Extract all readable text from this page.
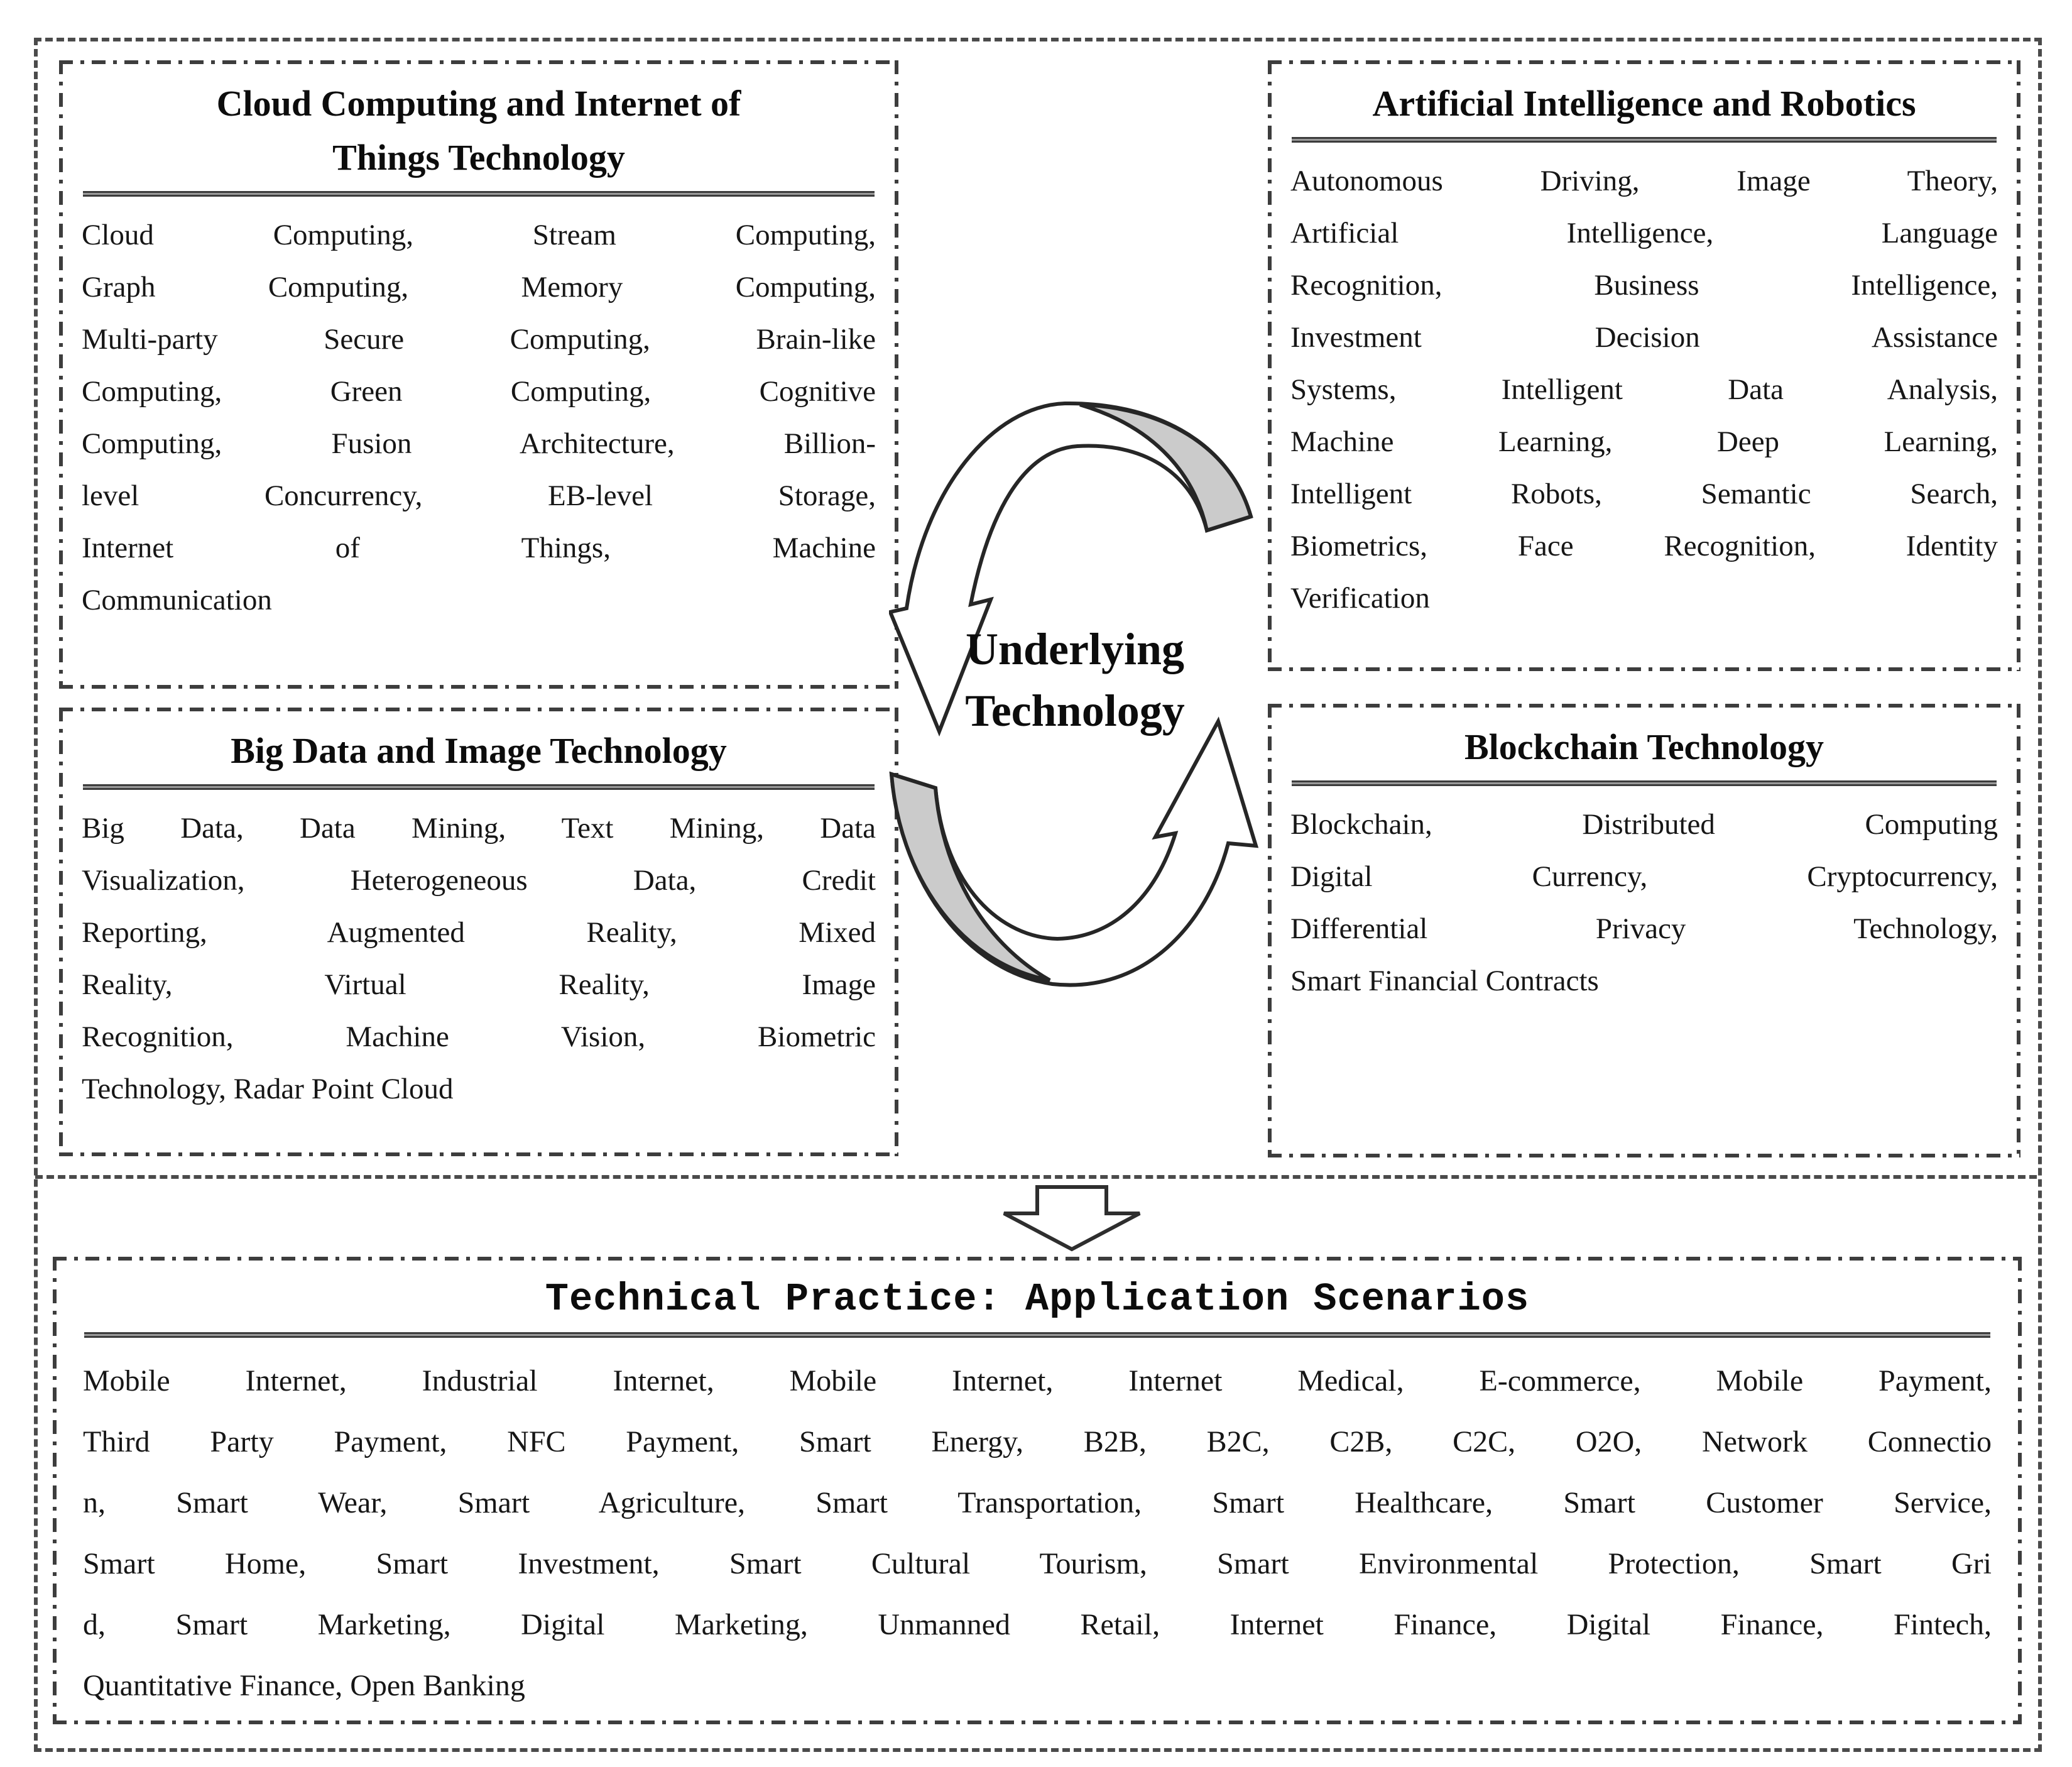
Cloud Computing and Internet of
Things Technology
Cloud Computing, Stream Computing,
Graph Computing, Memory Computing,
Multi-party Secure Computing, Brain-like
Computing, Green Computing, Cognitive
Computing, Fusion Architecture, Billion-
level Concurrency, EB-level Storage,
Internet of Things, Machine
Communication
Artificial Intelligence and Robotics
Autonomous Driving, Image Theory,
Artificial Intelligence, Language
Recognition, Business Intelligence,
Investment Decision Assistance
Systems, Intelligent Data Analysis,
Machine Learning, Deep Learning,
Intelligent Robots, Semantic Search,
Biometrics, Face Recognition, Identity
Verification
Big Data and Image Technology
Big Data, Data Mining, Text Mining, Data
Visualization, Heterogeneous Data, Credit
Reporting, Augmented Reality, Mixed
Reality, Virtual Reality, Image
Recognition, Machine Vision, Biometric
Technology, Radar Point Cloud
Blockchain Technology
Blockchain, Distributed Computing
Digital Currency, Cryptocurrency,
Differential Privacy Technology,
Smart Financial Contracts
Underlying
Technology
Technical Practice: Application Scenarios
Mobile Internet, Industrial Internet, Mobile Internet, Internet Medical, E-commerce, Mobile Payment,
Third Party Payment, NFC Payment, Smart Energy, B2B, B2C, C2B, C2C, O2O, Network Connectio
n, Smart Wear, Smart Agriculture, Smart Transportation, Smart Healthcare, Smart Customer Service,
Smart Home, Smart Investment, Smart Cultural Tourism, Smart Environmental Protection, Smart Gri
d, Smart Marketing, Digital Marketing, Unmanned Retail, Internet Finance, Digital Finance, Fintech,
Quantitative Finance, Open Banking
